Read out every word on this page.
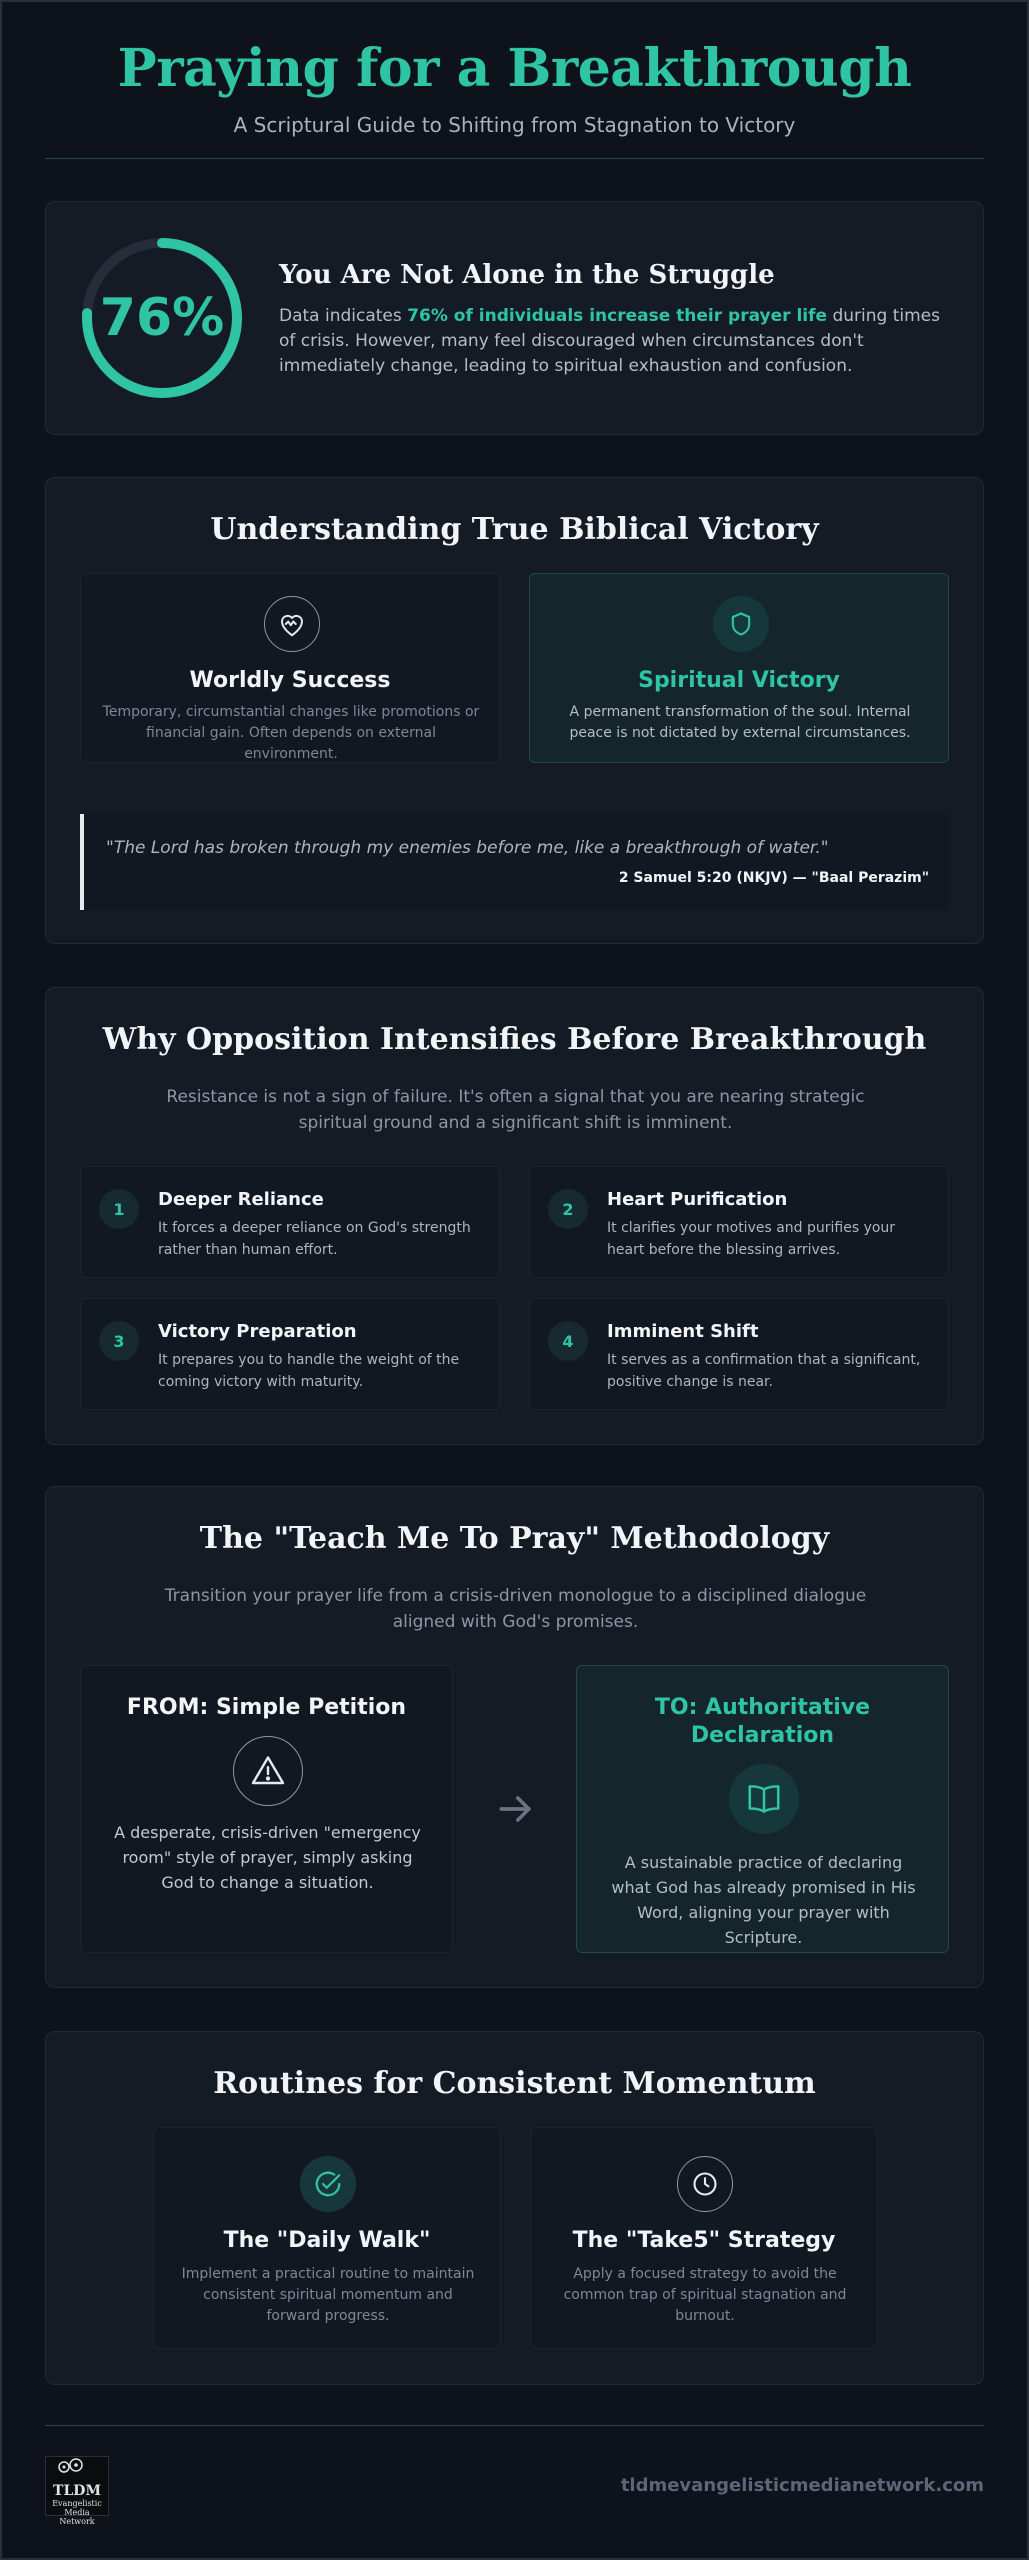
Praying for a Breakthrough
A Scriptural Guide to Shifting from Stagnation to Victory
76%
You Are Not Alone in the Struggle

Data indicates 76% of individuals increase their prayer life during times of crisis. However, many feel discouraged when circumstances don't immediately change, leading to spiritual exhaustion and confusion.

Understanding True Biblical Victory
Worldly Success

Temporary, circumstantial changes like promotions or financial gain. Often depends on external environment.

Spiritual Victory

A permanent transformation of the soul. Internal peace is not dictated by external circumstances.

"The Lord has broken through my enemies before me, like a breakthrough of water."
2 Samuel 5:20 (NKJV) — "Baal Perazim"
Why Opposition Intensifies Before Breakthrough
Resistance is not a sign of failure. It's often a signal that you are nearing strategic spiritual ground and a significant shift is imminent.
1	Deeper Reliance

It forces a deeper reliance on God's strength rather than human effort.

2	Heart Purification

It clarifies your motives and purifies your heart before the blessing arrives.

3	Victory Preparation

It prepares you to handle the weight of the coming victory with maturity.

4	Imminent Shift

It serves as a confirmation that a significant, positive change is near.

The "Teach Me To Pray" Methodology
Transition your prayer life from a crisis-driven monologue to a disciplined dialogue aligned with God's promises.
FROM: Simple Petition

A desperate, crisis-driven "emergency room" style of prayer, simply asking God to change a situation.

TO: Authoritative Declaration

A sustainable practice of declaring what God has already promised in His Word, aligning your prayer with Scripture.

Routines for Consistent Momentum
The "Daily Walk"

Implement a practical routine to maintain consistent spiritual momentum and forward progress.

The "Take5" Strategy

Apply a focused strategy to avoid the common trap of spiritual stagnation and burnout.

TLDM
Evangelistic
Media Network
tldmevangelisticmedianetwork.com
